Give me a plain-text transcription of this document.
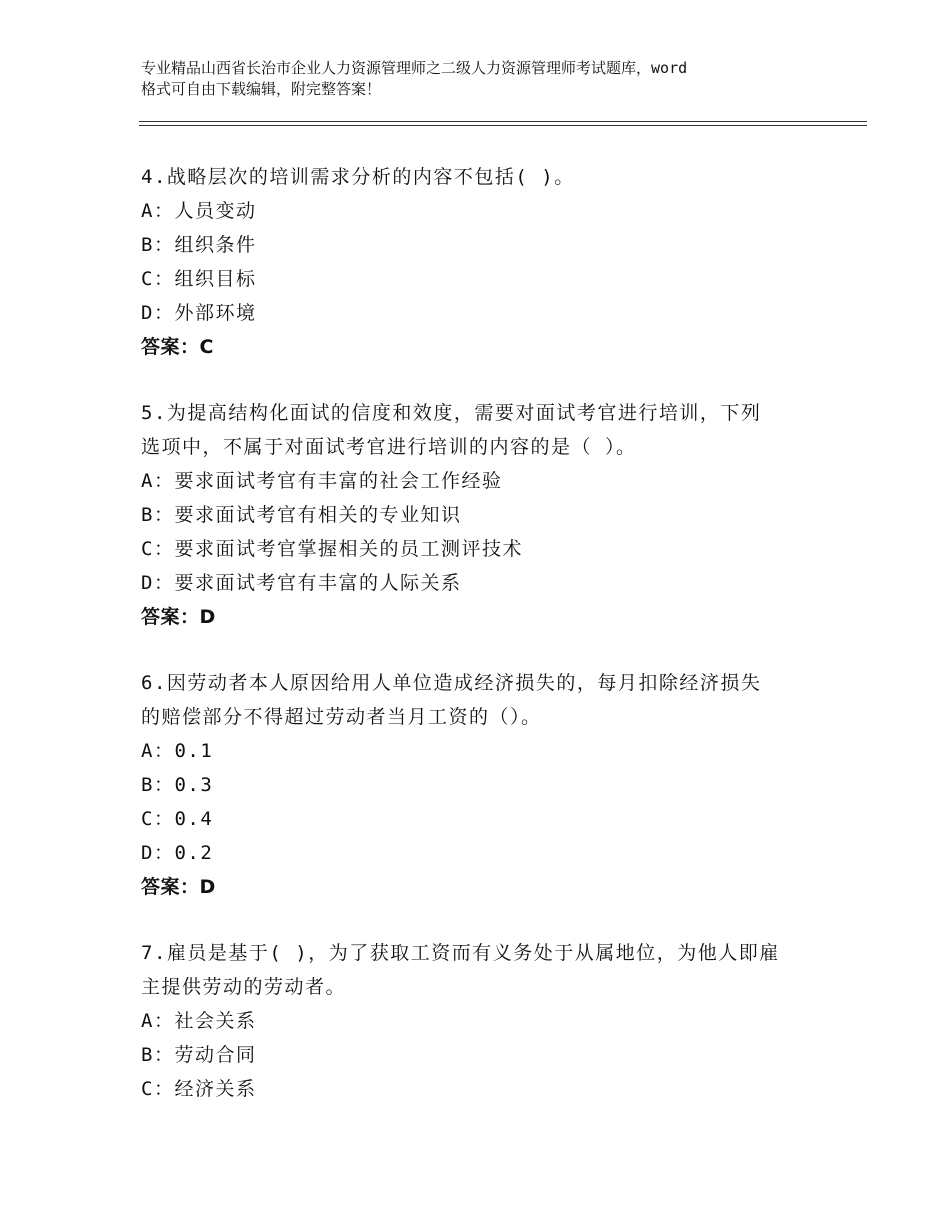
专业精品山西省长治市企业人力资源管理师之二级人力资源管理师考试题库，word
格式可自由下载编辑，附完整答案！
4.战略层次的培训需求分析的内容不包括( )。
A：人员变动
B：组织条件
C：组织目标
D：外部环境
答案：C
5.为提高结构化面试的信度和效度，需要对面试考官进行培训，下列
选项中，不属于对面试考官进行培训的内容的是（ ）。
A：要求面试考官有丰富的社会工作经验
B：要求面试考官有相关的专业知识
C：要求面试考官掌握相关的员工测评技术
D：要求面试考官有丰富的人际关系
答案：D
6.因劳动者本人原因给用人单位造成经济损失的，每月扣除经济损失
的赔偿部分不得超过劳动者当月工资的（）。
A：0.1
B：0.3
C：0.4
D：0.2
答案：D
7.雇员是基于( )，为了获取工资而有义务处于从属地位，为他人即雇
主提供劳动的劳动者。
A：社会关系
B：劳动合同
C：经济关系
